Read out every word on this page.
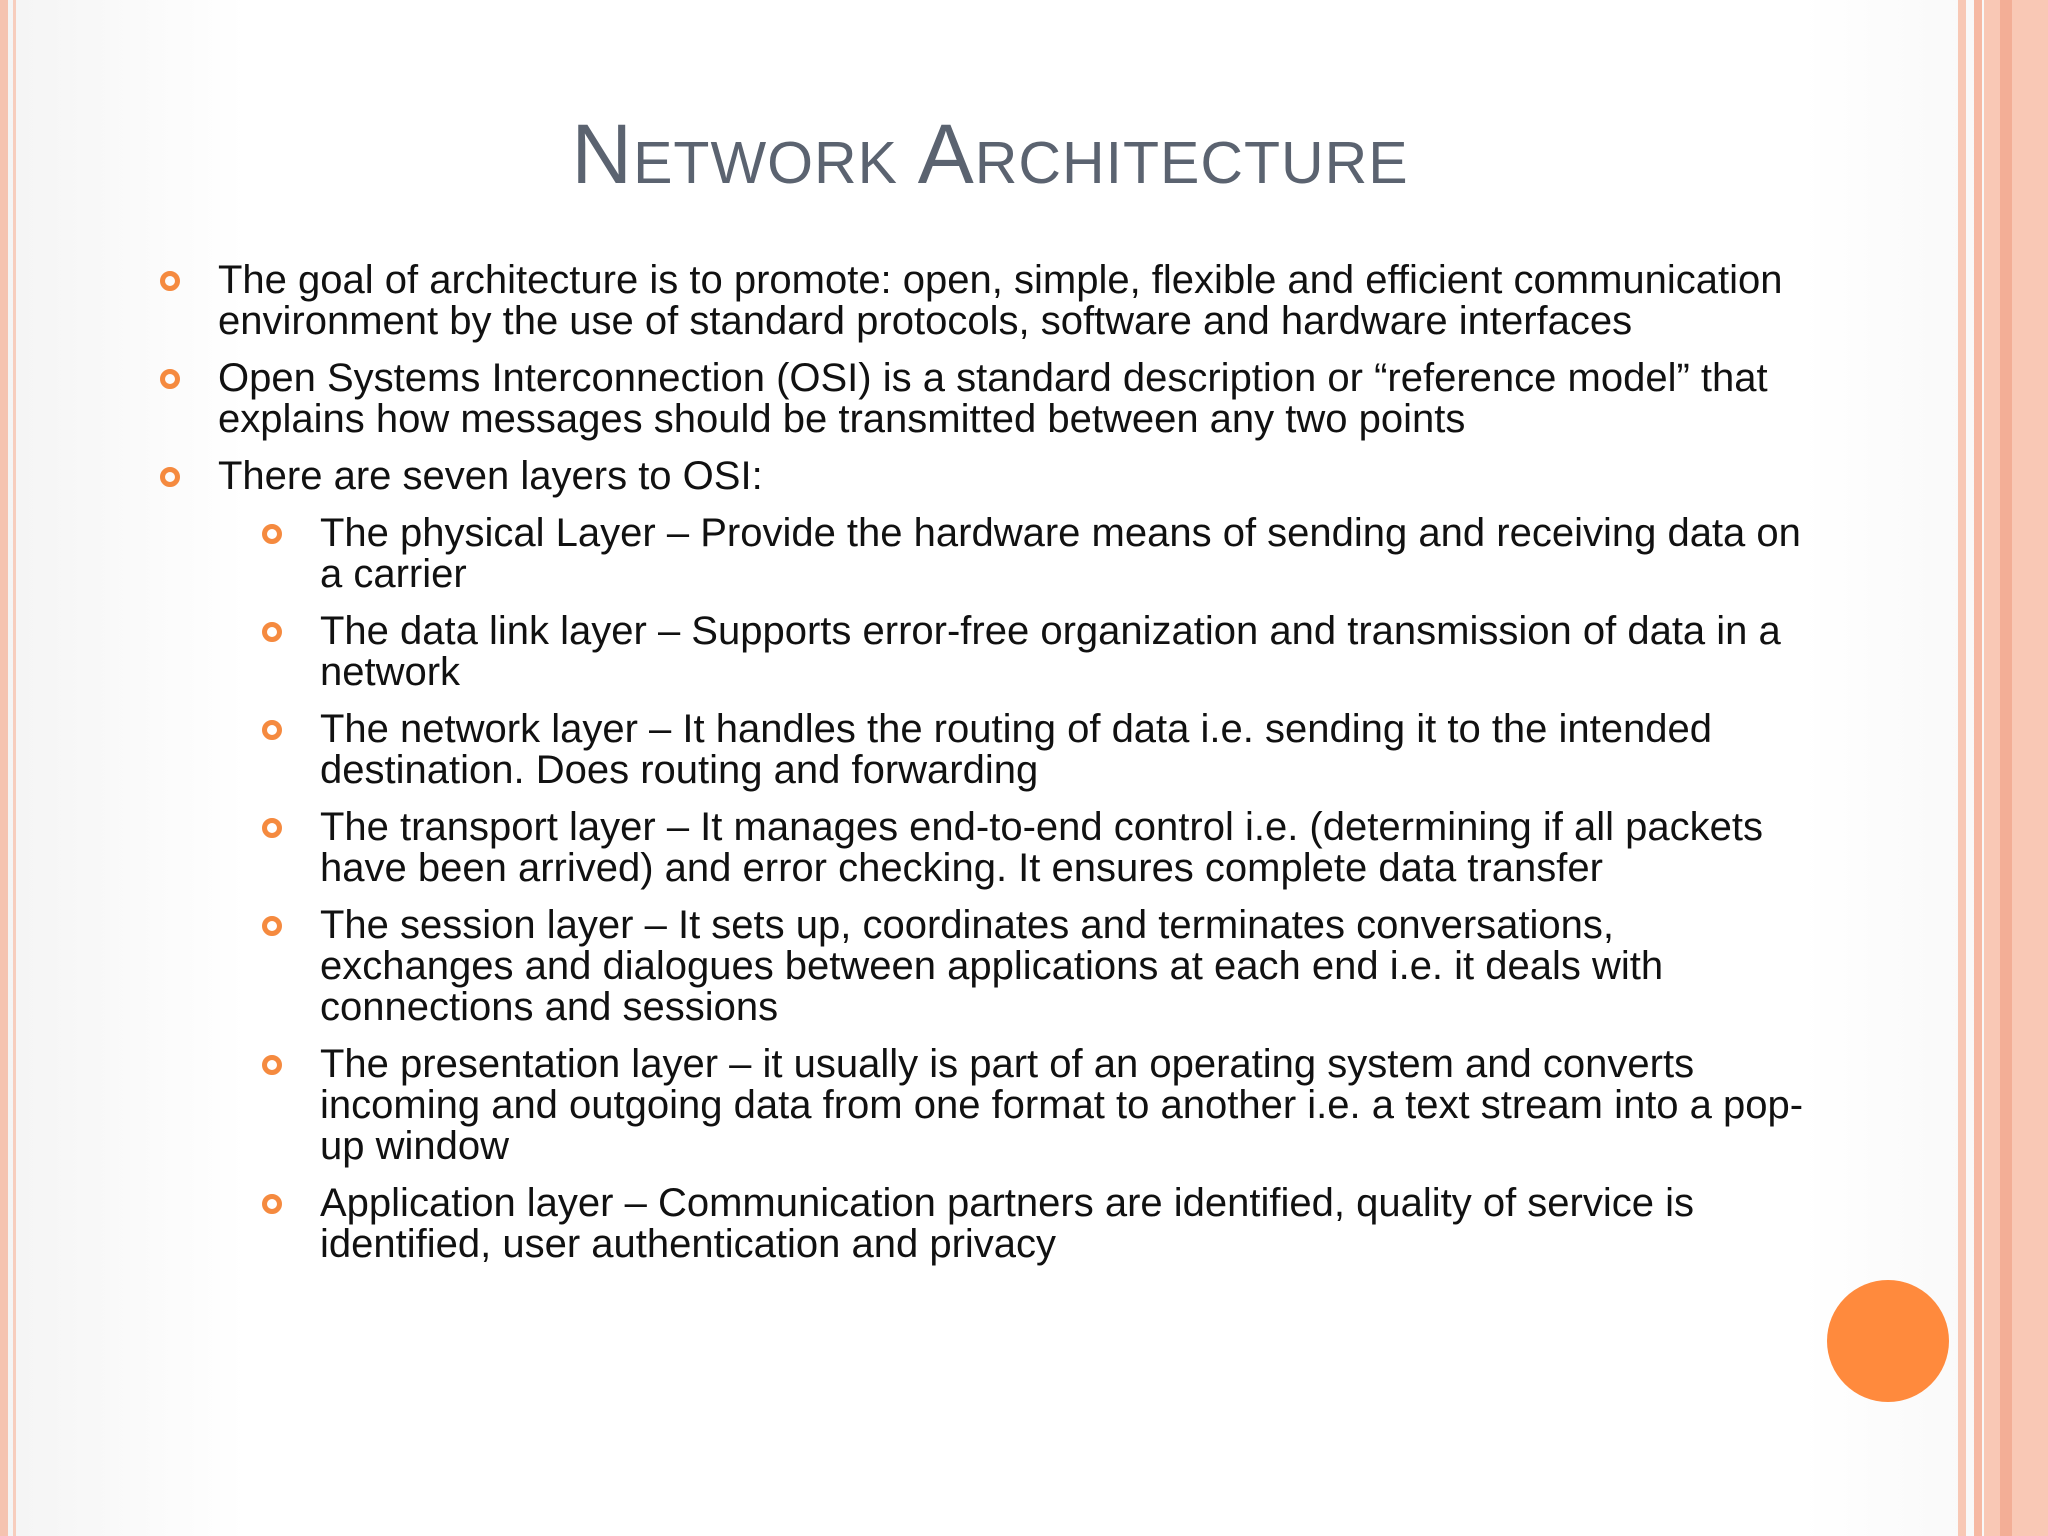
Network Architecture
The goal of architecture is to promote: open, simple, flexible and efficient communication environment by the use of standard protocols, software and hardware interfaces
Open Systems Interconnection (OSI) is a standard description or “reference model” that explains how messages should be transmitted between any two points
There are seven layers to OSI:
The physical Layer – Provide the hardware means of sending and receiving data on a carrier
The data link layer – Supports error-free organization and transmission of data in a network
The network layer – It handles the routing of data i.e. sending it to the intended destination. Does routing and forwarding
The transport layer – It manages end-to-end control i.e. (determining if all packets have been arrived) and error checking. It ensures complete data transfer
The session layer – It sets up, coordinates and terminates conversations, exchanges and dialogues between applications at each end i.e. it deals with connections and sessions
The presentation layer – it usually is part of an operating system and converts incoming and outgoing data from one format to another i.e. a text stream into a pop-up window
Application layer – Communication partners are identified, quality of service is identified, user authentication and privacy
